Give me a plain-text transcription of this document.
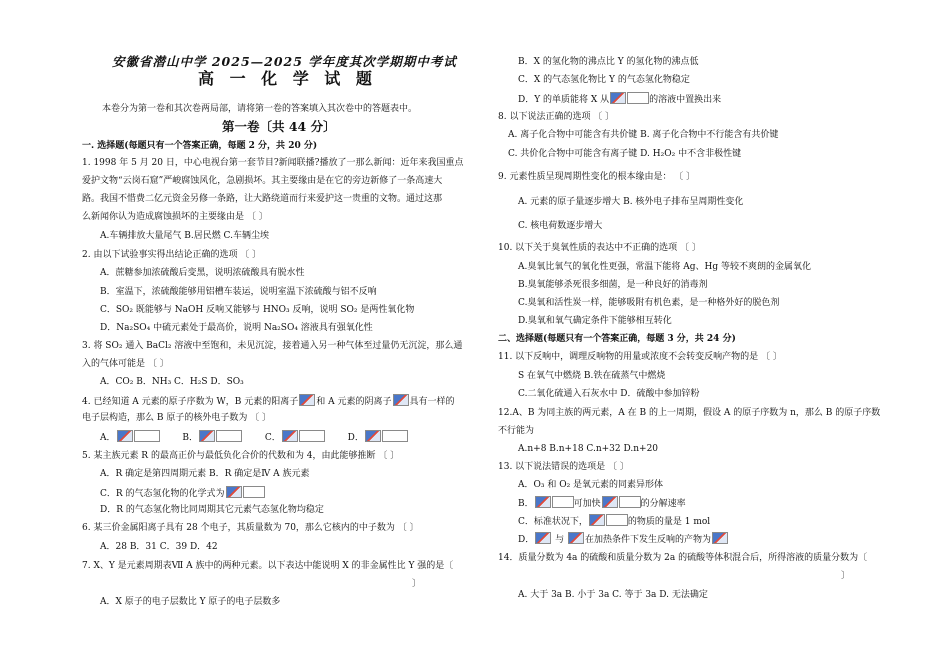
安徽省潜山中学 2025—2025 学年度其次学期期中考试
高 一 化 学 试 题
本卷分为第一卷和其次卷两局部，请将第一卷的答案填入其次卷中的答题表中。
第一卷〔共 44 分〕
一. 选择题(每题只有一个答案正确，每题 2 分，共 20 分)
1. 1998 年 5 月 20 日，中心电视台第一套节目?新闻联播?播放了一那么新闻：近年来我国重点
爱护文物“云岗石窟”严峻腐蚀风化，急剧损坏。其主要缘由是在它的旁边新修了一条高速大
路。我国不惜费二亿元资金另修一条路，让大路绕道而行来爱护这一贵重的文物。通过这那
么新闻你认为造成腐蚀损坏的主要缘由是 〔 〕
A.车辆排放大量尾气 B.居民燃 C.车辆尘埃
2. 由以下试验事实得出结论正确的选项 〔 〕
A．蔗糖参加浓硫酸后变黑，说明浓硫酸具有脱水性
B．室温下，浓硫酸能够用铝槽车装运，说明室温下浓硫酸与铝不反响
C．SO₂ 既能够与 NaOH 反响又能够与 HNO₃ 反响，说明 SO₂ 是两性氧化物
D．Na₂SO₄ 中硫元素处于最高价，说明 Na₂SO₄ 溶液具有强氧化性
3. 将 SO₂ 通入 BaCl₂ 溶液中至饱和，未见沉淀，接着通入另一种气体至过量仍无沉淀，那么通
入的气体可能是 〔 〕
A．CO₂ B．NH₃ C．H₂S D．SO₃
4. 已经知道 A 元素的原子序数为 W，B 元素的阳离子 和 A 元素的阴离子 具有一样的
电子层构造，那么 B 原子的核外电子数为 〔 〕
A．	B．	C．	D．
5. 某主族元素 R 的最高正价与最低负化合价的代数和为 4，由此能够推断 〔 〕
A．R 确定是第四周期元素 B．R 确定是Ⅳ A 族元素
C．R 的气态氢化物的化学式为
D．R 的气态氢化物比同周期其它元素气态氢化物均稳定
6. 某三价金属阳离子具有 28 个电子，其质量数为 70，那么它核内的中子数为 〔 〕
A．28 B．31 C．39 D．42
7. X、Y 是元素周期表Ⅶ A 族中的两种元素。以下表达中能说明 X 的非金属性比 Y 强的是〔
〕
A．X 原子的电子层数比 Y 原子的电子层数多
B．X 的氢化物的沸点比 Y 的氢化物的沸点低
C．X 的气态氢化物比 Y 的气态氢化物稳定
D．Y 的单质能将 X 从	的溶液中置换出来
8. 以下说法正确的选项 〔 〕
A. 离子化合物中可能含有共价键 B. 离子化合物中不行能含有共价键
C. 共价化合物中可能含有离子键 D. H₂O₂ 中不含非极性键
9. 元素性质呈现周期性变化的根本缘由是： 〔 〕
A. 元素的原子量逐步增大 B. 核外电子排布呈周期性变化
C. 核电荷数逐步增大
10. 以下关于臭氧性质的表达中不正确的选项 〔 〕
A.臭氧比氧气的氧化性更强，常温下能将 Ag、Hg 等较不爽朗的金属氧化
B.臭氧能够杀死很多细菌，是一种良好的消毒剂
C.臭氧和活性炭一样，能够吸附有机色素，是一种格外好的脱色剂
D.臭氧和氧气确定条件下能够相互转化
二、选择题(每题只有一个答案正确，每题 3 分，共 24 分)
11. 以下反响中，调理反响物的用量或浓度不会转变反响产物的是 〔 〕
S 在氧气中燃烧 B.铁在硫蒸气中燃烧
C.二氧化硫通入石灰水中 D．硫酸中参加锌粉
12.A、B 为同主族的两元素，A 在 B 的上一周期，假设 A 的原子序数为 n，那么 B 的原子序数
不行能为
A.n+8 B.n+18 C.n+32 D.n+20
13. 以下说法错误的选项是 〔 〕
A．O₃ 和 O₂ 是氧元素的同素异形体
B．	可加快	的分解速率
C．标准状况下，	的物质的量是 1 mol
D． 与 在加热条件下发生反响的产物为
14．质量分数为 4a 的硫酸和质量分数为 2a 的硫酸等体积混合后，所得溶液的质量分数为〔
〕
A. 大于 3a B. 小于 3a C. 等于 3a D. 无法确定
